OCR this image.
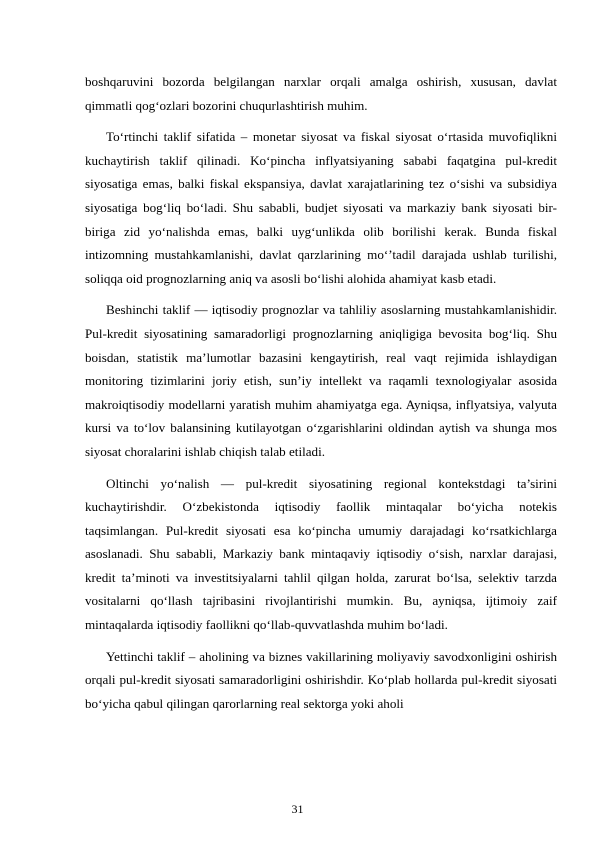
boshqaruvini bozorda belgilangan narxlar orqali amalga oshirish, xususan, davlat qimmatli qog‘ozlari bozorini chuqurlashtirish muhim.

To‘rtinchi taklif sifatida – monetar siyosat va fiskal siyosat o‘rtasida muvofiqlikni kuchaytirish taklif qilinadi. Ko‘pincha inflyatsiyaning sababi faqatgina pul-kredit siyosatiga emas, balki fiskal ekspansiya, davlat xarajatlarining tez o‘sishi va subsidiya siyosatiga bog‘liq bo‘ladi. Shu sababli, budjet siyosati va markaziy bank siyosati bir-biriga zid yo‘nalishda emas, balki uyg‘unlikda olib borilishi kerak. Bunda fiskal intizomning mustahkamlanishi, davlat qarzlarining mo‘’tadil darajada ushlab turilishi, soliqqa oid prognozlarning aniq va asosli bo‘lishi alohida ahamiyat kasb etadi.

Beshinchi taklif — iqtisodiy prognozlar va tahliliy asoslarning mustahkamlanishidir. Pul-kredit siyosatining samaradorligi prognozlarning aniqligiga bevosita bog‘liq. Shu boisdan, statistik ma’lumotlar bazasini kengaytirish, real vaqt rejimida ishlaydigan monitoring tizimlarini joriy etish, sun’iy intellekt va raqamli texnologiyalar asosida makroiqtisodiy modellarni yaratish muhim ahamiyatga ega. Ayniqsa, inflyatsiya, valyuta kursi va to‘lov balansining kutilayotgan o‘zgarishlarini oldindan aytish va shunga mos siyosat choralarini ishlab chiqish talab etiladi.

Oltinchi yo‘nalish — pul-kredit siyosatining regional kontekstdagi ta’sirini kuchaytirishdir. O‘zbekistonda iqtisodiy faollik mintaqalar bo‘yicha notekis taqsimlangan. Pul-kredit siyosati esa ko‘pincha umumiy darajadagi ko‘rsatkichlarga asoslanadi. Shu sababli, Markaziy bank mintaqaviy iqtisodiy o‘sish, narxlar darajasi, kredit ta’minoti va investitsiyalarni tahlil qilgan holda, zarurat bo‘lsa, selektiv tarzda vositalarni qo‘llash tajribasini rivojlantirishi mumkin. Bu, ayniqsa, ijtimoiy zaif mintaqalarda iqtisodiy faollikni qo‘llab-quvvatlashda muhim bo‘ladi.

Yettinchi taklif – aholining va biznes vakillarining moliyaviy savodxonligini oshirish orqali pul-kredit siyosati samaradorligini oshirishdir. Ko‘plab hollarda pul-kredit siyosati bo‘yicha qabul qilingan qarorlarning real sektorga yoki aholi

31
